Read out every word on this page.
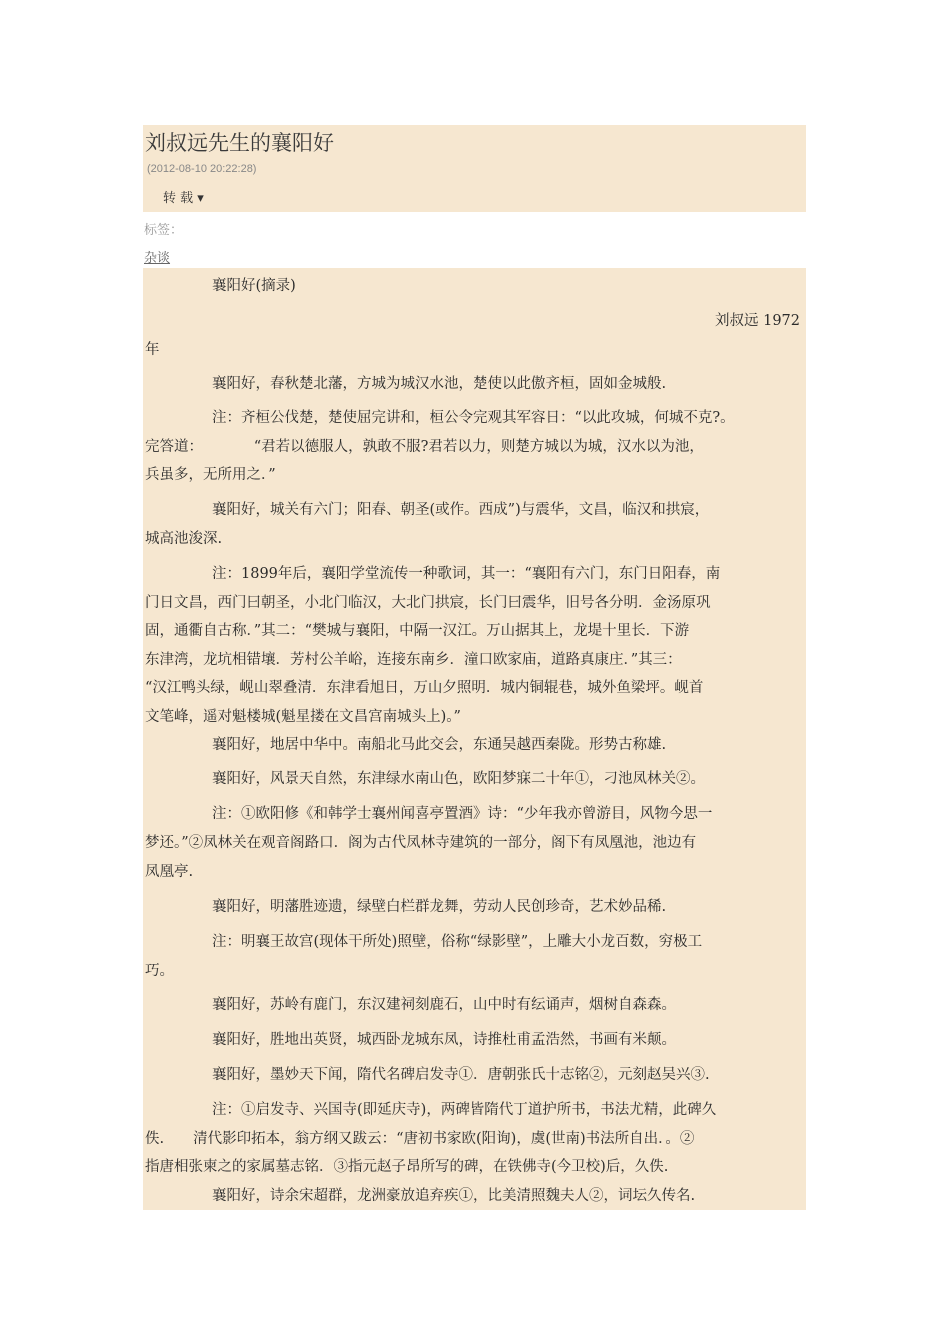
刘叔远先生的襄阳好
(2012-08-10 20:22:28)
转 载 ▾
标签：
杂谈
襄阳好(摘录)
刘叔远 1972
年
襄阳好，春秋楚北藩，方城为城汉水池，楚使以此傲齐桓，固如金城般.
注：齐桓公伐楚，楚使屈完讲和，桓公令完观其军容日：“以此攻城，何城不克?。
完答道：　　　　“君若以德服人，孰敢不服?君若以力，则楚方城以为城，汉水以为池，
兵虽多，无所用之．”
襄阳好，城关有六门；阳春、朝圣(或作。西成”)与震华，文昌，临汉和拱宸，
城高池浚深.
注：1899年后，襄阳学堂流传一种歌词，其一：“襄阳有六门，东门日阳春，南
门日文昌，西门曰朝圣，小北门临汉，大北门拱宸，长门曰震华，旧号各分明．金汤原巩
固，通衢自古称．”其二：“樊城与襄阳，中隔一汉江。万山据其上，龙堤十里长．下游
东津湾，龙坑相错壤．芳村公羊峪，连接东南乡．潼口欧家庙，道路真康庄．”其三：
“汉江鸭头绿，岘山翠叠清．东津看旭日，万山夕照明．城内铜辊巷，城外鱼梁坪。岘首
文笔峰，遥对魁楼城(魁星搂在文昌宫南城头上)。”
襄阳好，地居中华中。南船北马此交会，东通吴越西秦陇。形势古称雄.
襄阳好，风景天自然，东津绿水南山色，欧阳梦寐二十年①，刁池凤林关②。
注：①欧阳修《和韩学士襄州闻喜亭置酒》诗：“少年我亦曾游目，风物今思一
梦还。”②凤林关在观音阁路口．阁为古代凤林寺建筑的一部分，阁下有凤凰池，池边有
凤凰亭.
襄阳好，明藩胜迹遗，绿壁白栏群龙舞，劳动人民创珍奇，艺术妙品稀.
注：明襄王故宫(现体干所处)照壁，俗称“绿影壁”，上雕大小龙百数，穷极工
巧。
襄阳好，苏岭有鹿门，东汉建祠刻鹿石，山中时有纭诵声，烟树自森森。
襄阳好，胜地出英贤，城西卧龙城东凤，诗推杜甫孟浩然，书画有米颠。
襄阳好，墨妙天下闻，隋代名碑启发寺①．唐朝张氏十志铭②，元刻赵吴兴③.
注：①启发寺、兴国寺(即延庆寺)，两碑皆隋代丁道护所书，书法尤精，此碑久
佚.　　清代影印拓本，翁方纲又跋云：“唐初书家欧(阳询)，虞(世南)书法所自出．。②
指唐相张柬之的家属墓志铭．③指元赵子昂所写的碑，在铁佛寺(今卫校)后，久佚.
襄阳好，诗余宋超群，龙洲豪放追弃疾①，比美清照魏夫人②，词坛久传名.
